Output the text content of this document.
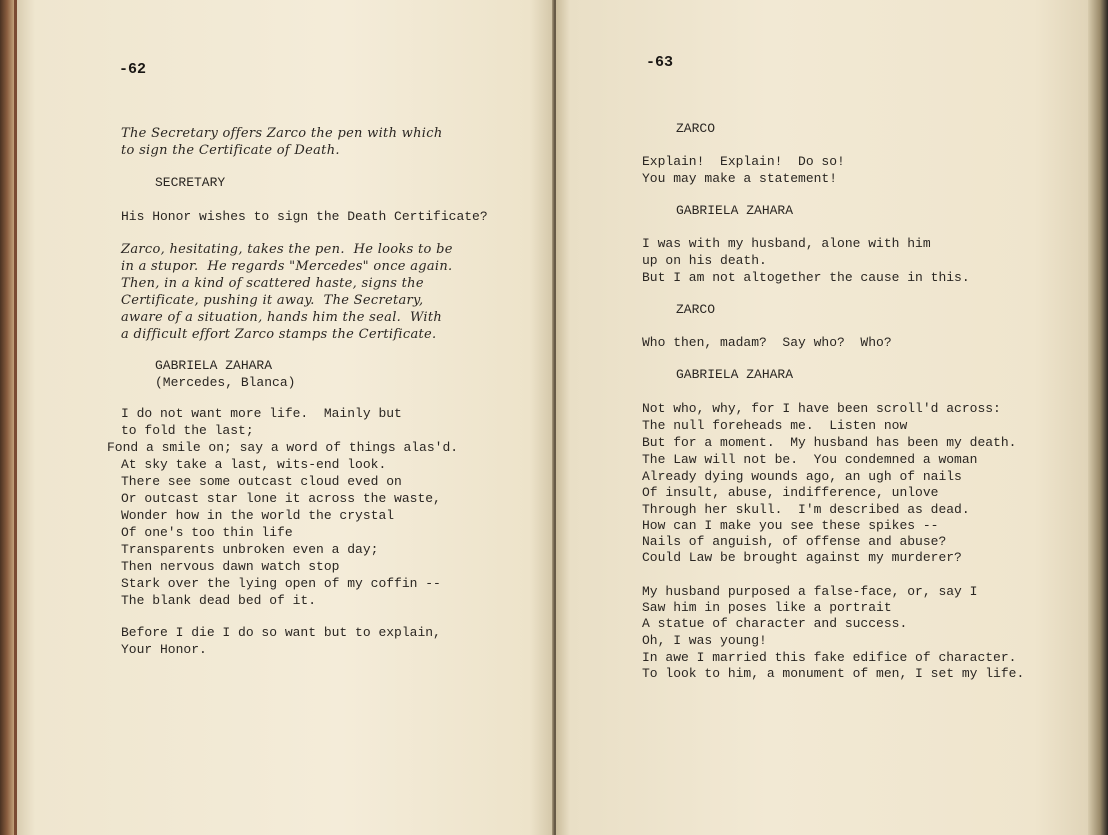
-62
The Secretary offers Zarco the pen with which
to sign the Certificate of Death.
SECRETARY
His Honor wishes to sign the Death Certificate?
Zarco, hesitating, takes the pen.  He looks to be
in a stupor.  He regards "Mercedes" once again.
Then, in a kind of scattered haste, signs the
Certificate, pushing it away.  The Secretary,
aware of a situation, hands him the seal.  With
a difficult effort Zarco stamps the Certificate.
GABRIELA ZAHARA
(Mercedes, Blanca)
I do not want more life.  Mainly but
to fold the last;
Fond a smile on; say a word of things alas'd.
At sky take a last, wits-end look.
There see some outcast cloud eved on
Or outcast star lone it across the waste,
Wonder how in the world the crystal
Of one's too thin life
Transparents unbroken even a day;
Then nervous dawn watch stop
Stark over the lying open of my coffin --
The blank dead bed of it.
Before I die I do so want but to explain,
Your Honor.
-63
ZARCO
Explain!  Explain!  Do so!
You may make a statement!
GABRIELA ZAHARA
I was with my husband, alone with him
up on his death.
But I am not altogether the cause in this.
ZARCO
Who then, madam?  Say who?  Who?
GABRIELA ZAHARA
Not who, why, for I have been scroll'd across:
The null foreheads me.  Listen now
But for a moment.  My husband has been my death.
The Law will not be.  You condemned a woman
Already dying wounds ago, an ugh of nails
Of insult, abuse, indifference, unlove
Through her skull.  I'm described as dead.
How can I make you see these spikes --
Nails of anguish, of offense and abuse?
Could Law be brought against my murderer?
My husband purposed a false-face, or, say I
Saw him in poses like a portrait
A statue of character and success.
Oh, I was young!
In awe I married this fake edifice of character.
To look to him, a monument of men, I set my life.
